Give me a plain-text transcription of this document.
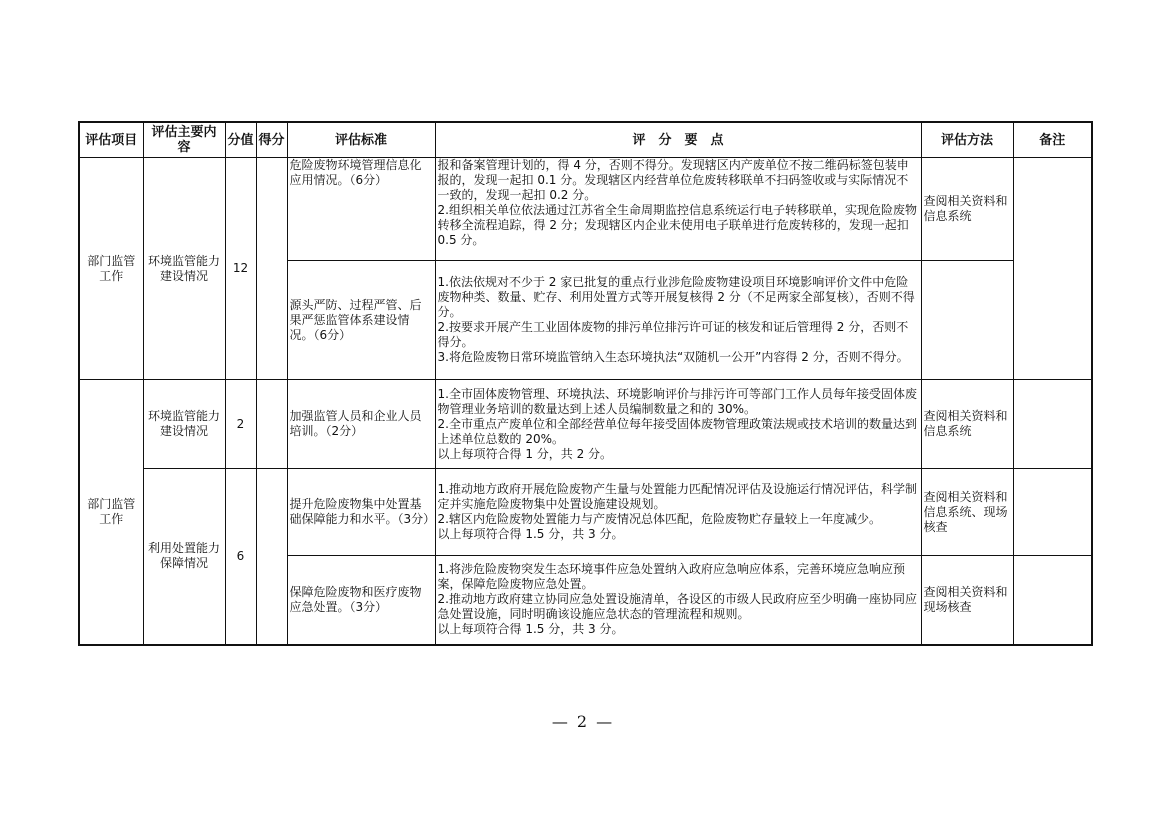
评估项目	评估主要内容	分值	得分	评估标准	评　分　要　点	评估方法	备注
部门监管工作	环境监管能力建设情况	12		危险废物环境管理信息化应用情况。（6分）	报和备案管理计划的，得 4 分，否则不得分。发现辖区内产废单位不按二维码标签包装申报的，发现一起扣 0.1 分。发现辖区内经营单位危废转移联单不扫码签收或与实际情况不一致的，发现一起扣 0.2 分。

2.组织相关单位依法通过江苏省全生命周期监控信息系统运行电子转移联单，实现危险废物转移全流程追踪，得 2 分；发现辖区内企业未使用电子联单进行危废转移的，发现一起扣 0.5 分。	查阅相关资料和信息系统	
				源头严防、过程严管、后果严惩监管体系建设情况。（6分）	1.依法依规对不少于 2 家已批复的重点行业涉危险废物建设项目环境影响评价文件中危险废物种类、数量、贮存、利用处置方式等开展复核得 2 分（不足两家全部复核），否则不得分。

2.按要求开展产生工业固体废物的排污单位排污许可证的核发和证后管理得 2 分，否则不得分。

3.将危险废物日常环境监管纳入生态环境执法“双随机一公开”内容得 2 分，否则不得分。		

部门监管工作	环境监管能力建设情况	2		加强监管人员和企业人员培训。（2分）	1.全市固体废物管理、环境执法、环境影响评价与排污许可等部门工作人员每年接受固体废物管理业务培训的数量达到上述人员编制数量之和的 30%。

2.全市重点产废单位和全部经营单位每年接受固体废物管理政策法规或技术培训的数量达到上述单位总数的 20%。

以上每项符合得 1 分，共 2 分。	查阅相关资料和信息系统	
	利用处置能力保障情况	6		提升危险废物集中处置基础保障能力和水平。（3分）	1.推动地方政府开展危险废物产生量与处置能力匹配情况评估及设施运行情况评估，科学制定并实施危险废物集中处置设施建设规划。

2.辖区内危险废物处置能力与产废情况总体匹配，危险废物贮存量较上一年度减少。

以上每项符合得 1.5 分，共 3 分。	查阅相关资料和信息系统、现场核查	
				保障危险废物和医疗废物应急处置。（3分）	1.将涉危险废物突发生态环境事件应急处置纳入政府应急响应体系，完善环境应急响应预案，保障危险废物应急处置。

2.推动地方政府建立协同应急处置设施清单，各设区的市级人民政府应至少明确一座协同应急处置设施，同时明确该设施应急状态的管理流程和规则。

以上每项符合得 1.5 分，共 3 分。	查阅相关资料和现场核查	
— 2 —
